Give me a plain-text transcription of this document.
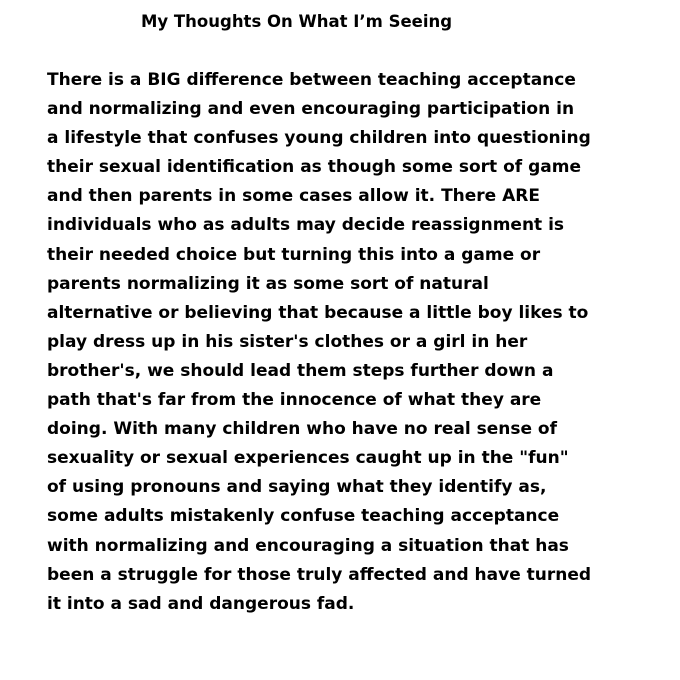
My Thoughts On What I’m Seeing
There is a BIG difference between teaching acceptance
and normalizing and even encouraging participation in
a lifestyle that confuses young children into questioning
their sexual identification as though some sort of game
and then parents in some cases allow it. There ARE
individuals who as adults may decide reassignment is
their needed choice but turning this into a game or
parents normalizing it as some sort of natural
alternative or believing that because a little boy likes to
play dress up in his sister's clothes or a girl in her
brother's, we should lead them steps further down a
path that's far from the innocence of what they are
doing. With many children who have no real sense of
sexuality or sexual experiences caught up in the "fun"
of using pronouns and saying what they identify as,
some adults mistakenly confuse teaching acceptance
with normalizing and encouraging a situation that has
been a struggle for those truly affected and have turned
it into a sad and dangerous fad.
